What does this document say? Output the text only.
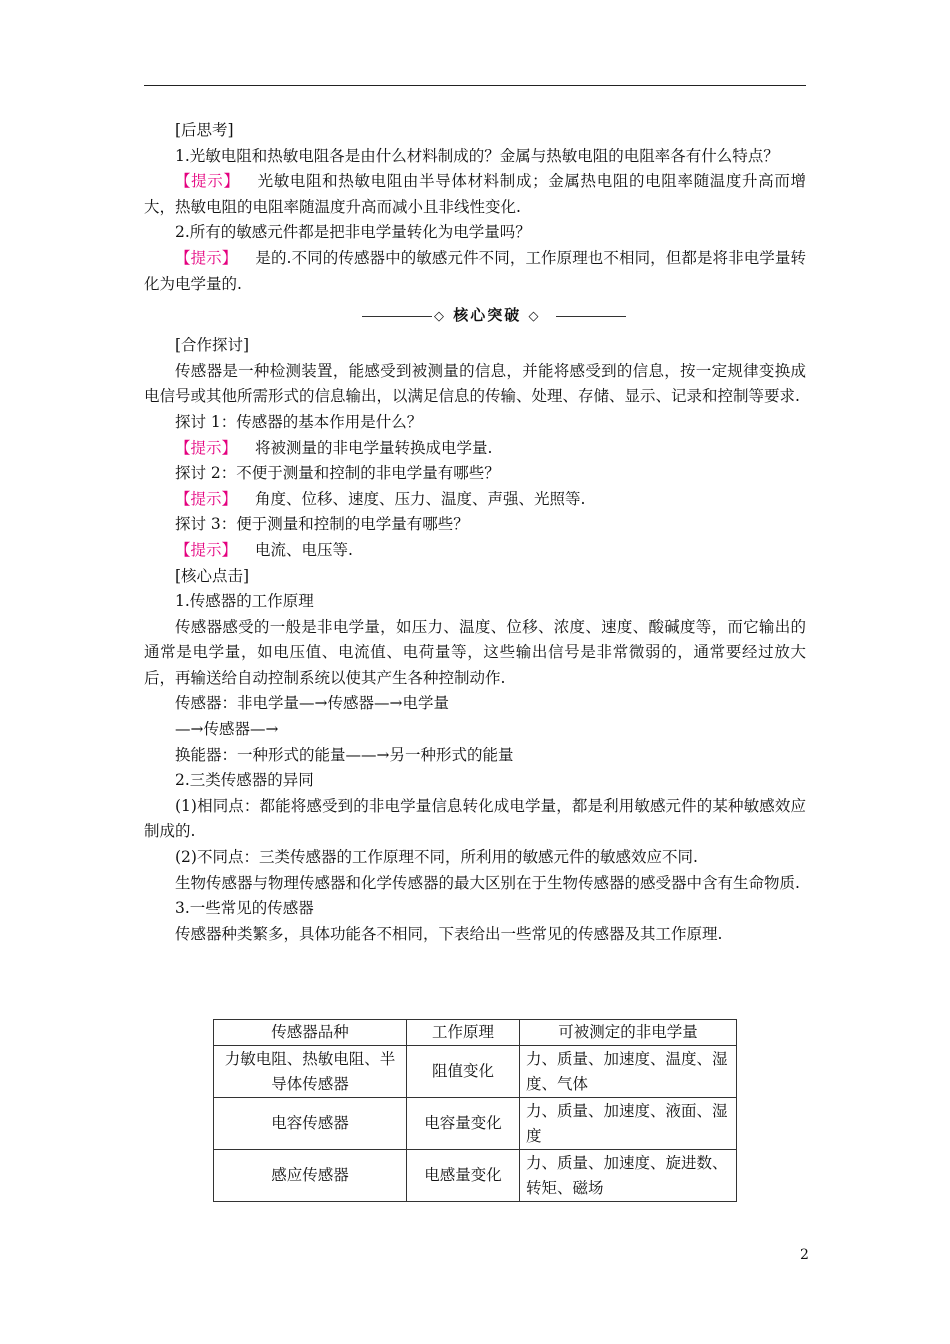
[后思考]

1.光敏电阻和热敏电阻各是由什么材料制成的？金属与热敏电阻的电阻率各有什么特点？

【提示】 光敏电阻和热敏电阻由半导体材料制成；金属热电阻的电阻率随温度升高而增大，热敏电阻的电阻率随温度升高而减小且非线性变化.

2.所有的敏感元件都是把非电学量转化为电学量吗？

【提示】 是的.不同的传感器中的敏感元件不同，工作原理也不相同，但都是将非电学量转化为电学量的.

◇ 核心突破 ◇

[合作探讨]

传感器是一种检测装置，能感受到被测量的信息，并能将感受到的信息，按一定规律变换成电信号或其他所需形式的信息输出，以满足信息的传输、处理、存储、显示、记录和控制等要求.

探讨 1：传感器的基本作用是什么？

【提示】 将被测量的非电学量转换成电学量.

探讨 2：不便于测量和控制的非电学量有哪些？

【提示】 角度、位移、速度、压力、温度、声强、光照等.

探讨 3：便于测量和控制的电学量有哪些？

【提示】 电流、电压等.

[核心点击]

1.传感器的工作原理

传感器感受的一般是非电学量，如压力、温度、位移、浓度、速度、酸碱度等，而它输出的通常是电学量，如电压值、电流值、电荷量等，这些输出信号是非常微弱的，通常要经过放大后，再输送给自动控制系统以使其产生各种控制动作.

传感器：非电学量—→传感器—→电学量

—→传感器—→

换能器：一种形式的能量——→另一种形式的能量

2.三类传感器的异同

(1)相同点：都能将感受到的非电学量信息转化成电学量，都是利用敏感元件的某种敏感效应制成的.

(2)不同点：三类传感器的工作原理不同，所利用的敏感元件的敏感效应不同.

生物传感器与物理传感器和化学传感器的最大区别在于生物传感器的感受器中含有生命物质.

3.一些常见的传感器

传感器种类繁多，具体功能各不相同，下表给出一些常见的传感器及其工作原理.

传感器品种	工作原理	可被测定的非电学量
力敏电阻、热敏电阻、半导体传感器	阻值变化	力、质量、加速度、温度、湿度、气体
电容传感器	电容量变化	力、质量、加速度、液面、湿度
感应传感器	电感量变化	力、质量、加速度、旋进数、转矩、磁场
2
